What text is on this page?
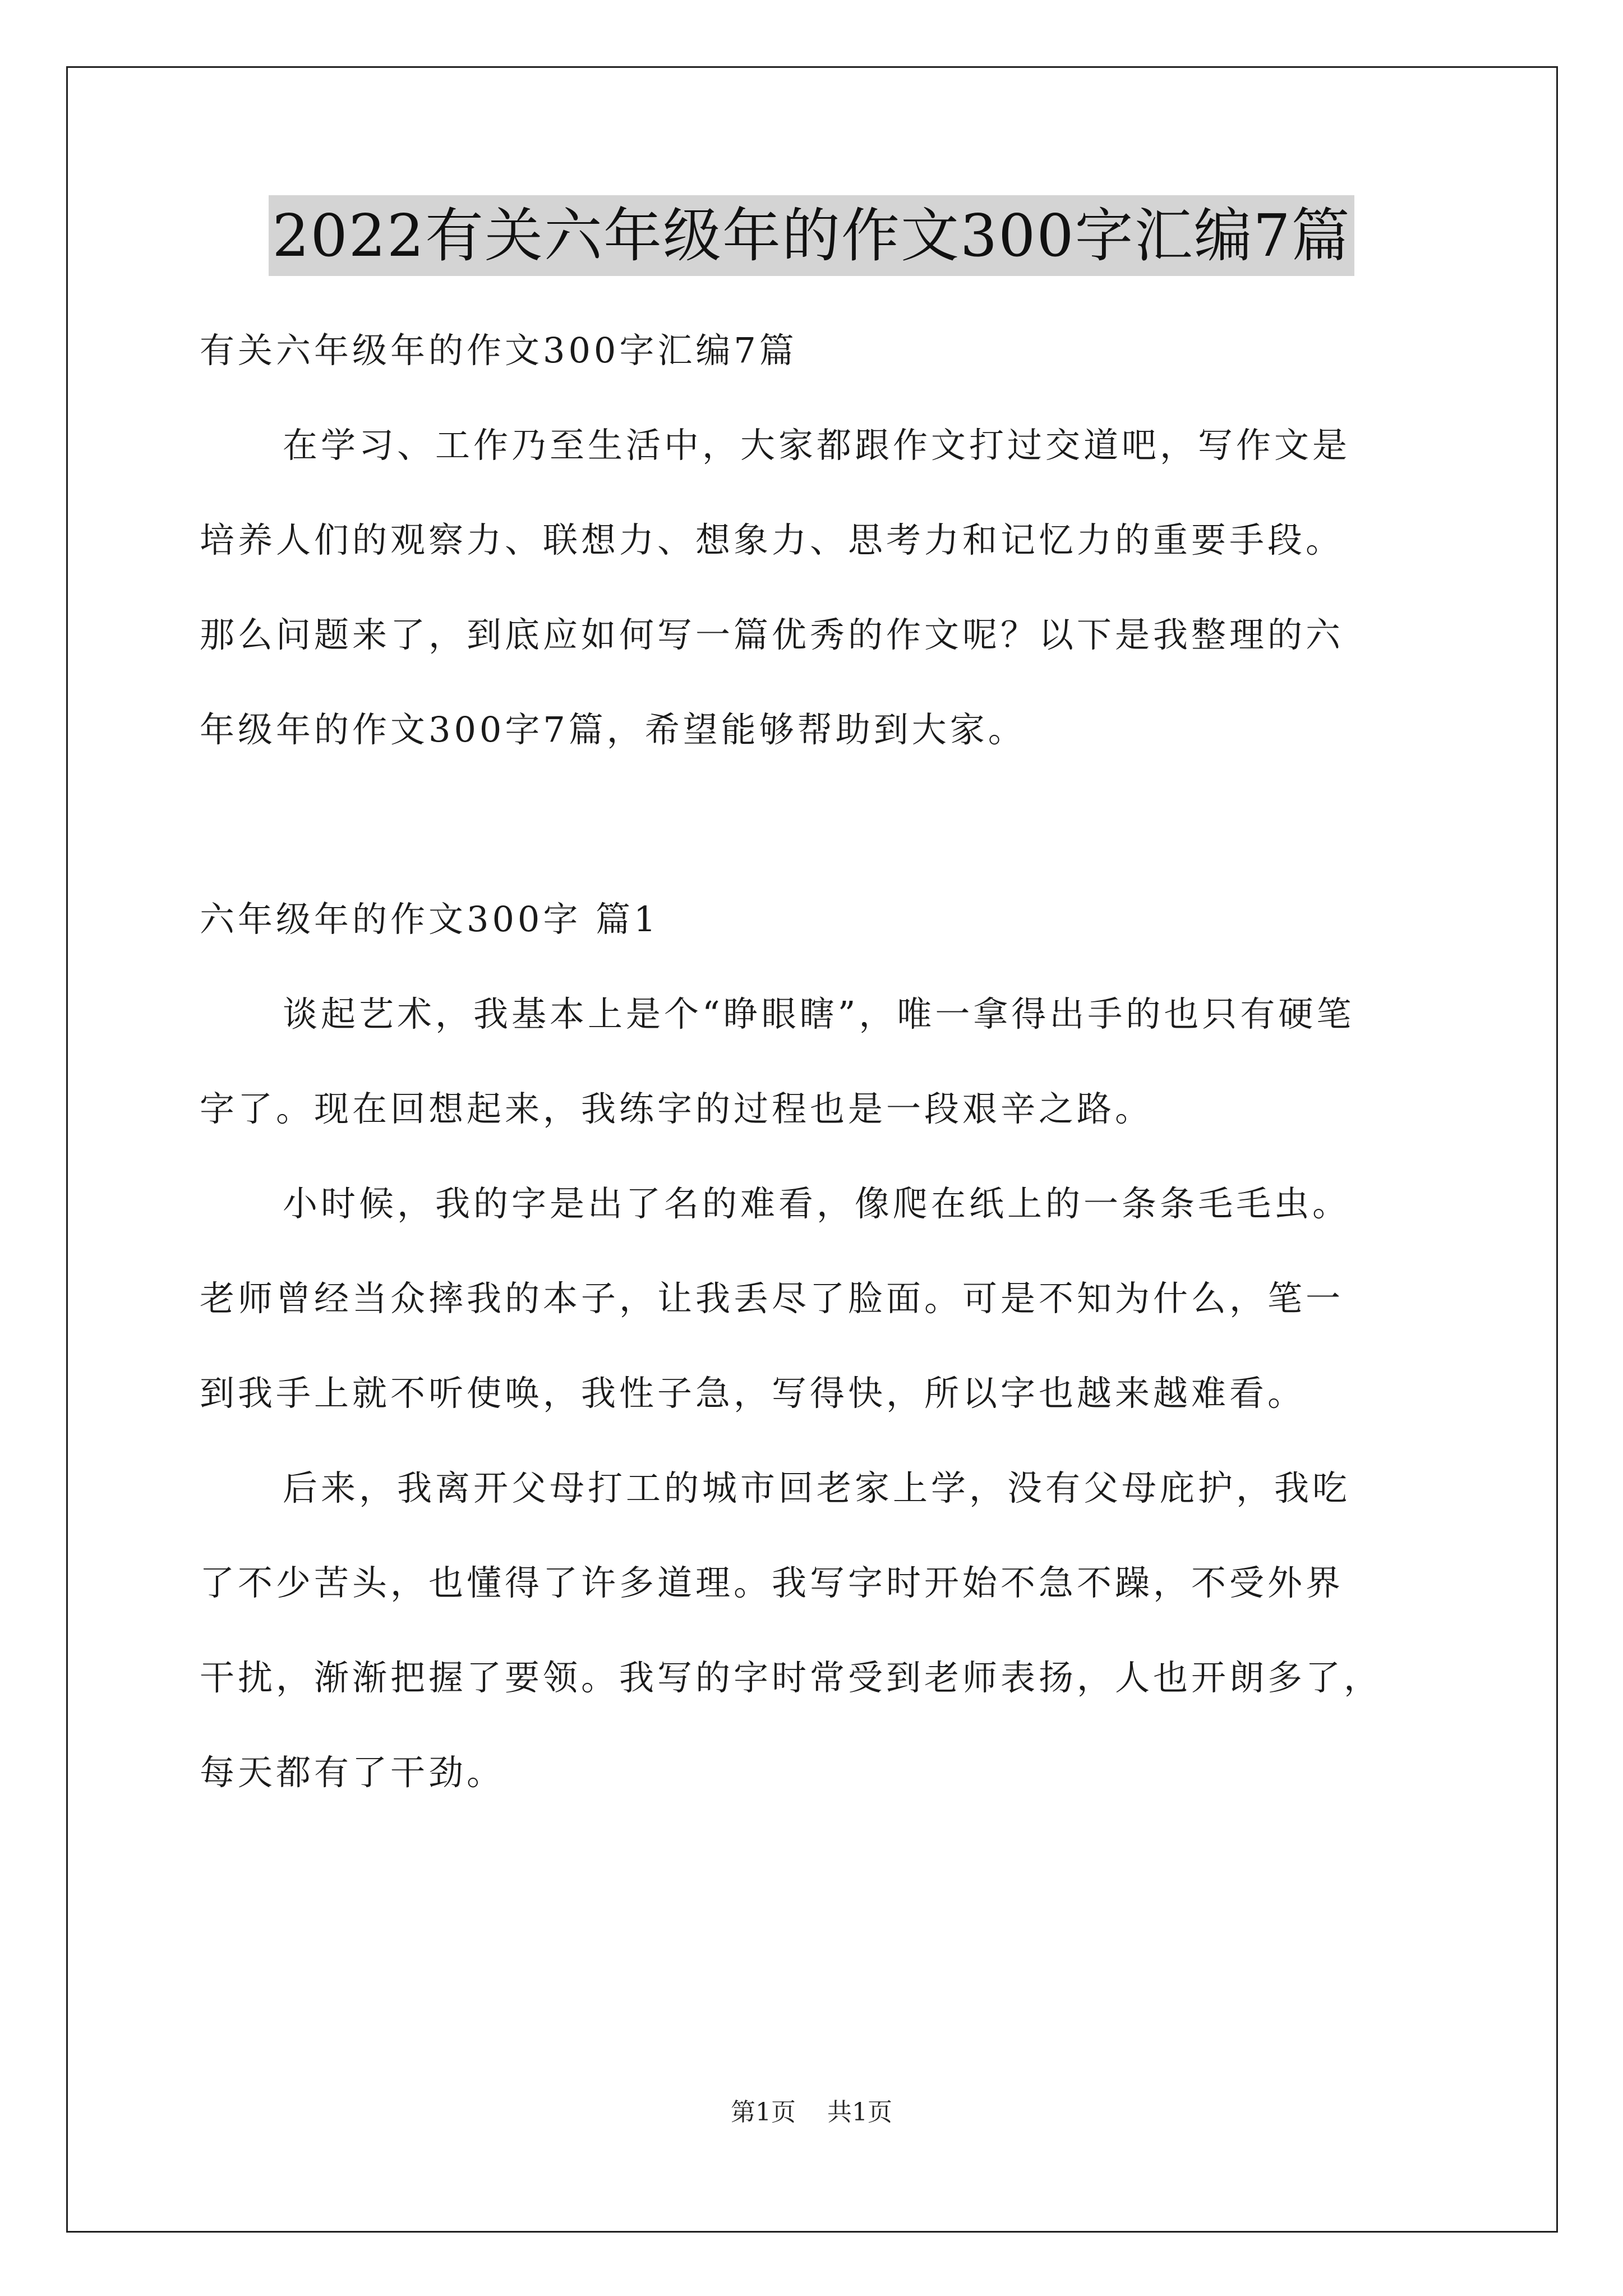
2022有关六年级年的作文300字汇编7篇
有关六年级年的作文300字汇编7篇
在学习、工作乃至生活中，大家都跟作文打过交道吧，写作文是
培养人们的观察力、联想力、想象力、思考力和记忆力的重要手段。
那么问题来了，到底应如何写一篇优秀的作文呢？以下是我整理的六
年级年的作文300字7篇，希望能够帮助到大家。
六年级年的作文300字 篇1
谈起艺术，我基本上是个“睁眼瞎”，唯一拿得出手的也只有硬笔
字了。现在回想起来，我练字的过程也是一段艰辛之路。
小时候，我的字是出了名的难看，像爬在纸上的一条条毛毛虫。
老师曾经当众摔我的本子，让我丢尽了脸面。可是不知为什么，笔一
到我手上就不听使唤，我性子急，写得快，所以字也越来越难看。
后来，我离开父母打工的城市回老家上学，没有父母庇护，我吃
了不少苦头，也懂得了许多道理。我写字时开始不急不躁，不受外界
干扰，渐渐把握了要领。我写的字时常受到老师表扬，人也开朗多了，
每天都有了干劲。
第1页 共1页
